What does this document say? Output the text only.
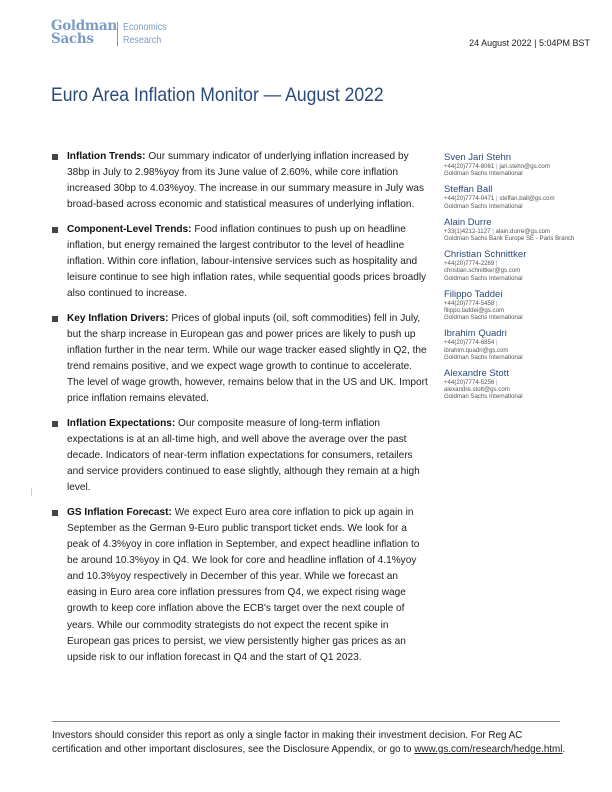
Goldman
Sachs
Economics
Research	24 August 2022 | 5:04PM BST
Euro Area Inflation Monitor — August 2022
Inflation Trends: Our summary indicator of underlying inflation increased by 38bp in July to 2.98%yoy from its June value of 2.60%, while core inflation increased 30bp to 4.03%yoy. The increase in our summary measure in July was broad-based across economic and statistical measures of underlying inflation.
Component-Level Trends: Food inflation continues to push up on headline inflation, but energy remained the largest contributor to the level of headline inflation. Within core inflation, labour-intensive services such as hospitality and leisure continue to see high inflation rates, while sequential goods prices broadly also continued to increase.
Key Inflation Drivers: Prices of global inputs (oil, soft commodities) fell in July, but the sharp increase in European gas and power prices are likely to push up inflation further in the near term. While our wage tracker eased slightly in Q2, the trend remains positive, and we expect wage growth to continue to accelerate. The level of wage growth, however, remains below that in the US and UK. Import price inflation remains elevated.
Inflation Expectations: Our composite measure of long-term inflation expectations is at an all-time high, and well above the average over the past decade. Indicators of near-term inflation expectations for consumers, retailers and service providers continued to ease slightly, although they remain at a high level.
GS Inflation Forecast: We expect Euro area core inflation to pick up again in September as the German 9-Euro public transport ticket ends. We look for a peak of 4.3%yoy in core inflation in September, and expect headline inflation to be around 10.3%yoy in Q4. We look for core and headline inflation of 4.1%yoy and 10.3%yoy respectively in December of this year. While we forecast an easing in Euro area core inflation pressures from Q4, we expect rising wage growth to keep core inflation above the ECB's target over the next couple of years. While our commodity strategists do not expect the recent spike in European gas prices to persist, we view persistently higher gas prices as an upside risk to our inflation forecast in Q4 and the start of Q1 2023.
Sven Jari Stehn
+44(20)7774-8061 | jari.stehn@gs.com
Goldman Sachs International
Steffan Ball
+44(20)7774-0471 | steffan.ball@gs.com
Goldman Sachs International
Alain Durre
+33(1)4212-1127 | alain.durre@gs.com
Goldman Sachs Bank Europe SE - Paris Branch
Christian Schnittker
+44(20)7774-2269 |
christian.schnittker@gs.com
Goldman Sachs International
Filippo Taddei
+44(20)7774-5458 |
filippo.taddei@gs.com
Goldman Sachs International
Ibrahim Quadri
+44(20)7774-6854 |
ibrahim.quadri@gs.com
Goldman Sachs International
Alexandre Stott
+44(20)7774-5256 |
alexandre.stott@gs.com
Goldman Sachs International
Investors should consider this report as only a single factor in making their investment decision. For Reg AC certification and other important disclosures, see the Disclosure Appendix, or go to www.gs.com/research/hedge.html.
